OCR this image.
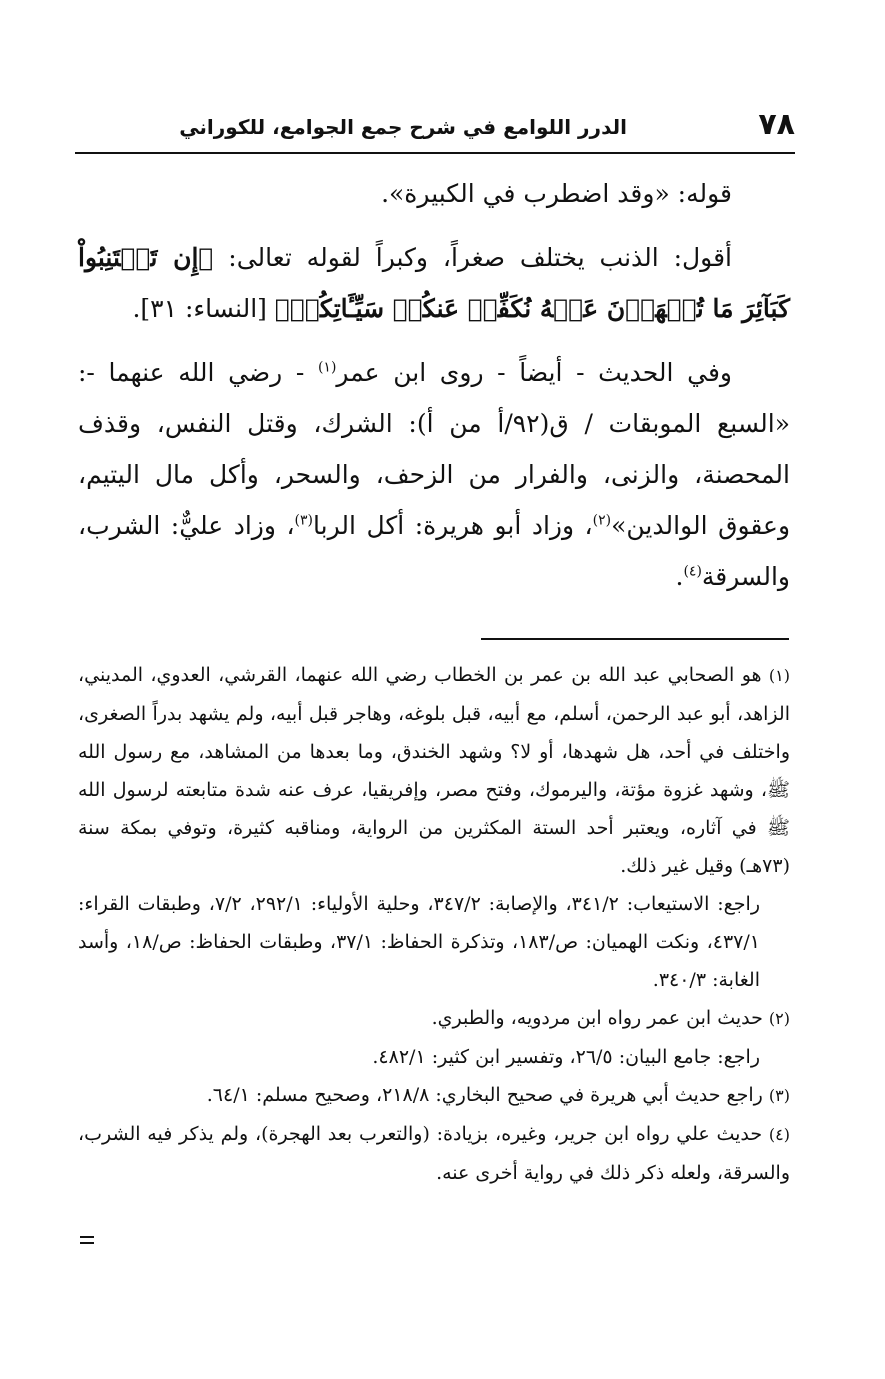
٧٨
الدرر اللوامع في شرح جمع الجوامع، للكوراني

قوله: «وقد اضطرب في الكبيرة».

أقول: الذنب يختلف صغراً، وكبراً لقوله تعالى: ﴿إِن تَجۡتَنِبُواْ كَبَآئِرَ مَا تُنۡهَوۡنَ عَنۡهُ نُكَفِّرۡ عَنكُمۡ سَيِّـَٔاتِكُمۡ﴾ [النساء: ٣١].

وفي الحديث - أيضاً - روى ابن عمر$^{(١)}$ - رضي الله عنهما -: «السبع الموبقات / ق(٩٢/أ من أ): الشرك، وقتل النفس، وقذف المحصنة، والزنى، والفرار من الزحف، والسحر، وأكل مال اليتيم، وعقوق الوالدين»$^{(٢)}$، وزاد أبو هريرة: أكل الربا$^{(٣)}$، وزاد عليٌّ: الشرب، والسرقة$^{(٤)}$.

(١) هو الصحابي عبد الله بن عمر بن الخطاب رضي الله عنهما، القرشي، العدوي، المديني، الزاهد، أبو عبد الرحمن، أسلم، مع أبيه، قبل بلوغه، وهاجر قبل أبيه، ولم يشهد بدراً الصغرى، واختلف في أحد، هل شهدها، أو لا؟ وشهد الخندق، وما بعدها من المشاهد، مع رسول الله ﷺ، وشهد غزوة مؤتة، واليرموك، وفتح مصر، وإفريقيا، عرف عنه شدة متابعته لرسول الله ﷺ في آثاره، ويعتبر أحد الستة المكثرين من الرواية، ومناقبه كثيرة، وتوفي بمكة سنة (٧٣هـ) وقيل غير ذلك.

راجع: الاستيعاب: ٣٤١/٢، والإصابة: ٣٤٧/٢، وحلية الأولياء: ٢٩٢/١، ٧/٢، وطبقات القراء: ٤٣٧/١، ونكت الهميان: ص/١٨٣، وتذكرة الحفاظ: ٣٧/١، وطبقات الحفاظ: ص/١٨، وأسد الغابة: ٣٤٠/٣.

(٢) حديث ابن عمر رواه ابن مردويه، والطبري.

راجع: جامع البيان: ٢٦/٥، وتفسير ابن كثير: ٤٨٢/١.

(٣) راجع حديث أبي هريرة في صحيح البخاري: ٢١٨/٨، وصحيح مسلم: ٦٤/١.

(٤) حديث علي رواه ابن جرير، وغيره، بزيادة: (والتعرب بعد الهجرة)، ولم يذكر فيه الشرب، والسرقة، ولعله ذكر ذلك في رواية أخرى عنه.
